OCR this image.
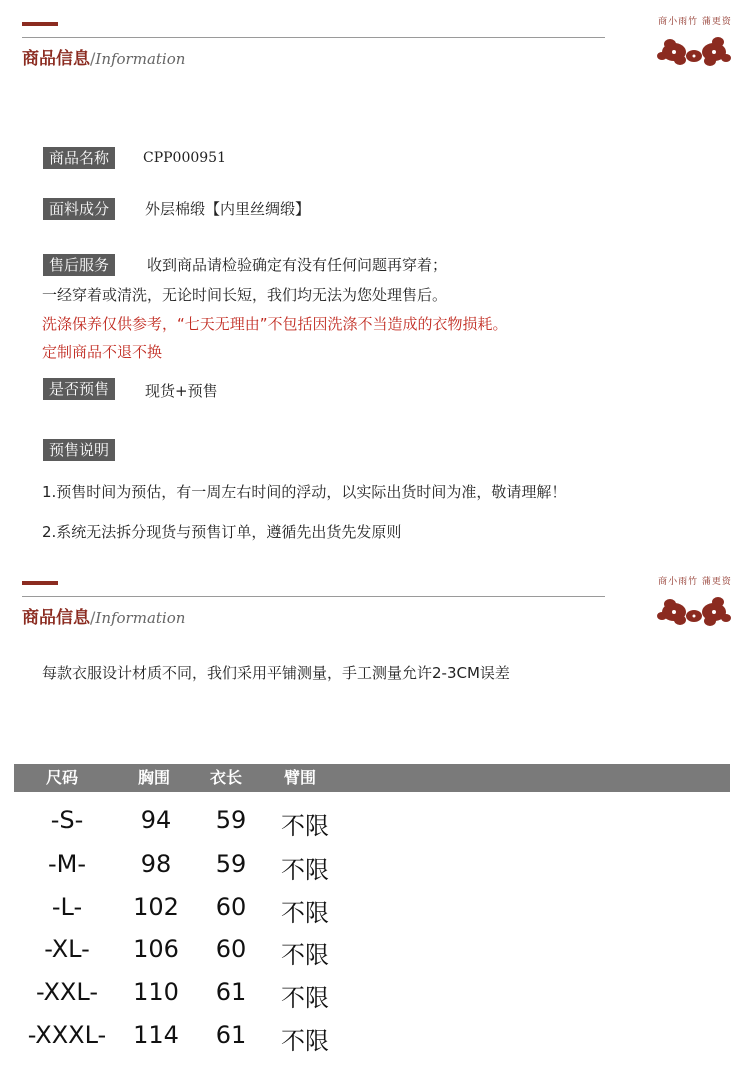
商品信息/Information
商小雨竹 蒲更资
商品名称	CPP000951
面料成分	外层棉缎【内里丝绸缎】
售后服务	收到商品请检验确定有没有任何问题再穿着；
一经穿着或清洗，无论时间长短，我们均无法为您处理售后。
洗涤保养仅供参考，“七天无理由”不包括因洗涤不当造成的衣物损耗。
定制商品不退不换
是否预售	现货+预售
预售说明
1.预售时间为预估，有一周左右时间的浮动，以实际出货时间为准，敬请理解！
2.系统无法拆分现货与预售订单，遵循先出货先发原则
商品信息/Information
商小雨竹 蒲更资
每款衣服设计材质不同，我们采用平铺测量，手工测量允许2-3CM误差
尺码	胸围 衣长	臂围
-S-	94	59	不限
-M-	98	59	不限
-L-	102	60	不限
-XL-	106	60	不限
-XXL-	110	61	不限
-XXXL-	114	61	不限
